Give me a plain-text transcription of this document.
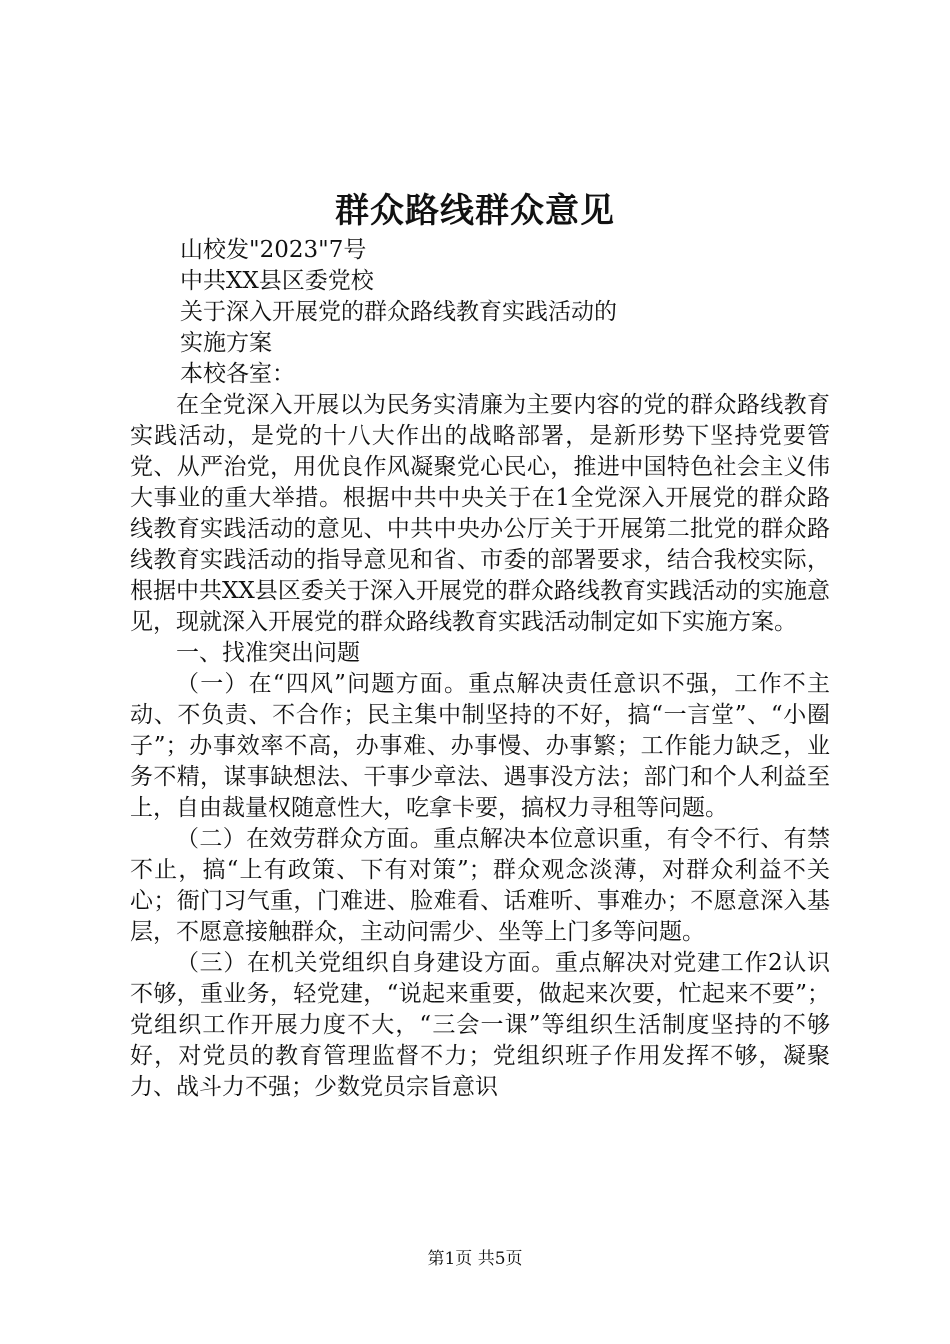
群众路线群众意见
山校发"2023"7号
中共XX县区委党校
关于深入开展党的群众路线教育实践活动的
实施方案
本校各室：

在全党深入开展以为民务实清廉为主要内容的党的群众路线教育实践活动，是党的十八大作出的战略部署，是新形势下坚持党要管党、从严治党，用优良作风凝聚党心民心，推进中国特色社会主义伟大事业的重大举措。根据中共中央关于在1全党深入开展党的群众路线教育实践活动的意见、中共中央办公厅关于开展第二批党的群众路线教育实践活动的指导意见和省、市委的部署要求，结合我校实际，根据中共XX县区委关于深入开展党的群众路线教育实践活动的实施意见，现就深入开展党的群众路线教育实践活动制定如下实施方案。

一、找准突出问题

（一）在“四风”问题方面。重点解决责任意识不强，工作不主动、不负责、不合作；民主集中制坚持的不好，搞“一言堂”、“小圈子”；办事效率不高，办事难、办事慢、办事繁；工作能力缺乏，业务不精，谋事缺想法、干事少章法、遇事没方法；部门和个人利益至上，自由裁量权随意性大，吃拿卡要，搞权力寻租等问题。

（二）在效劳群众方面。重点解决本位意识重，有令不行、有禁不止，搞“上有政策、下有对策”；群众观念淡薄，对群众利益不关心；衙门习气重，门难进、脸难看、话难听、事难办；不愿意深入基层，不愿意接触群众，主动问需少、坐等上门多等问题。

（三）在机关党组织自身建设方面。重点解决对党建工作2认识不够，重业务，轻党建，“说起来重要，做起来次要，忙起来不要”；党组织工作开展力度不大，“三会一课”等组织生活制度坚持的不够好，对党员的教育管理监督不力；党组织班子作用发挥不够，凝聚力、战斗力不强；少数党员宗旨意识

第1页 共5页
